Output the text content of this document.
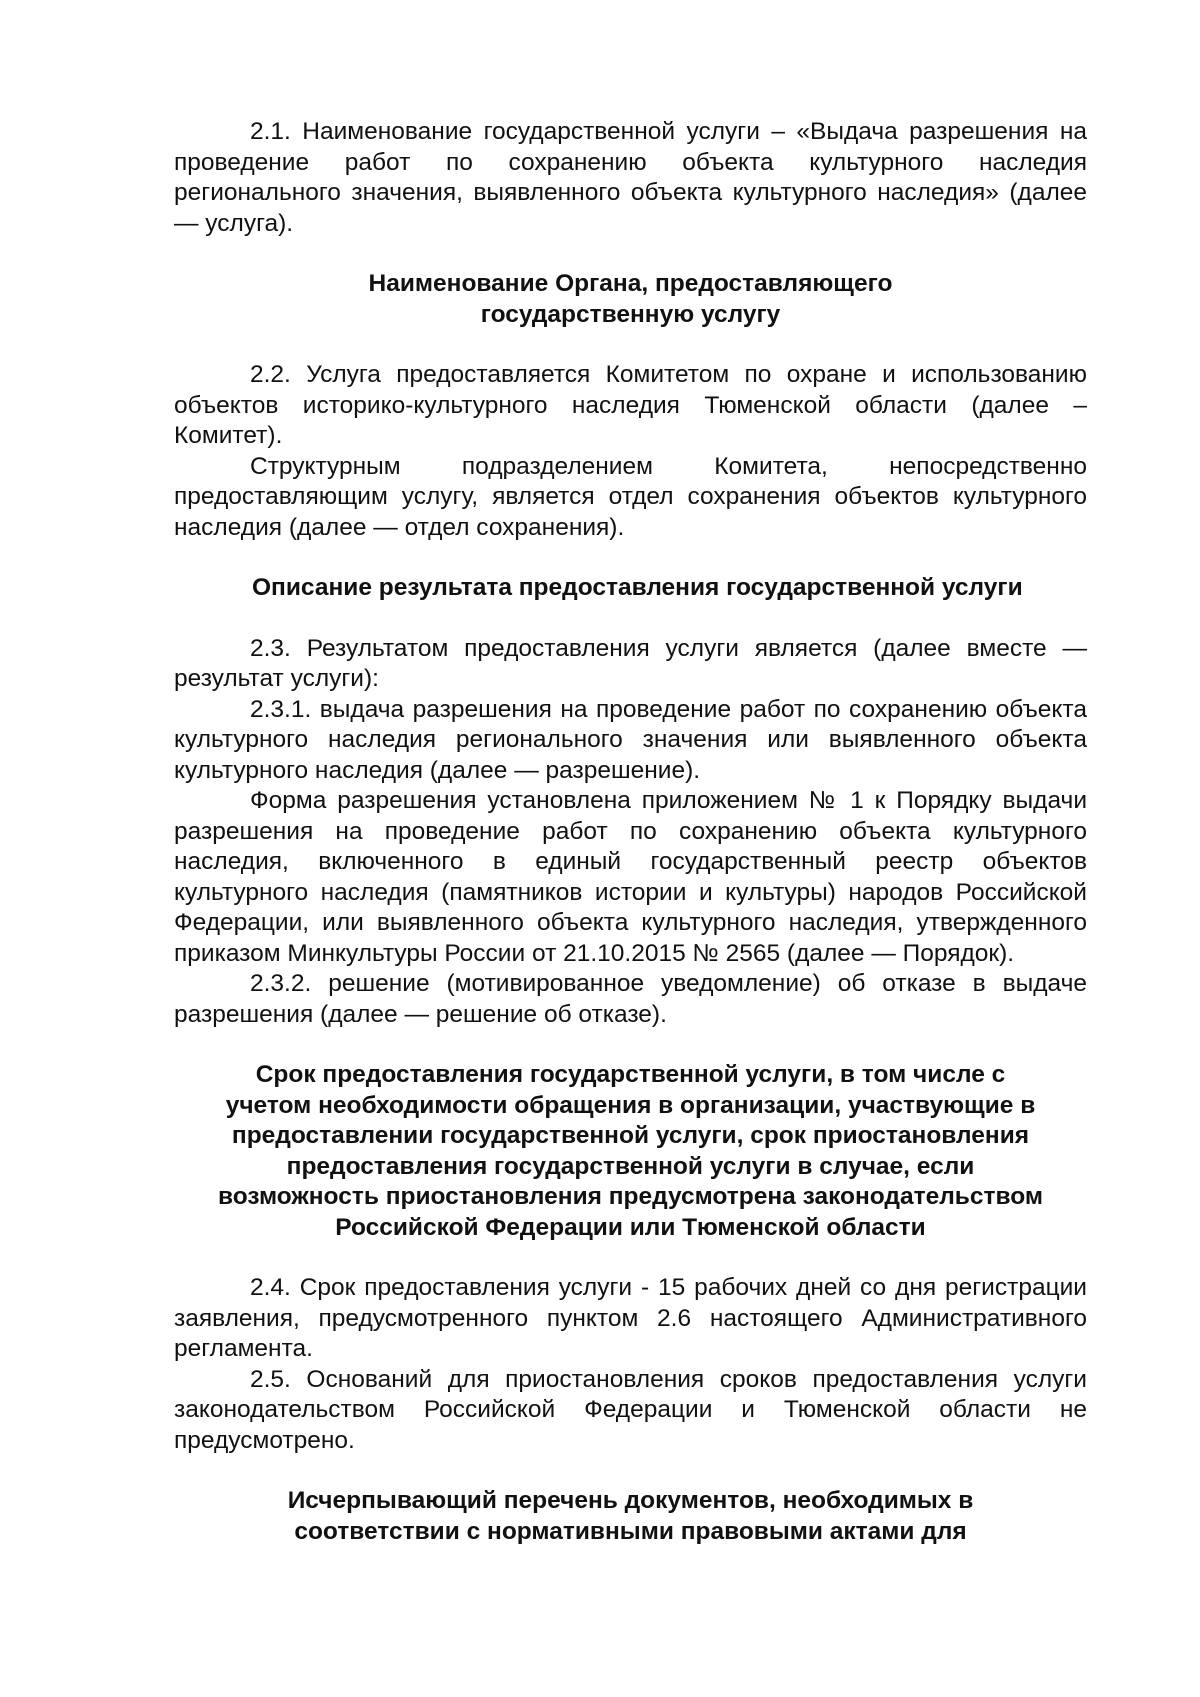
2.1. Наименование государственной услуги – «Выдача разрешения на проведение работ по сохранению объекта культурного наследия регионального значения, выявленного объекта культурного наследия» (далее — услуга).

Наименование Органа, предоставляющего
государственную услугу

2.2. Услуга предоставляется Комитетом по охране и использованию объектов историко-культурного наследия Тюменской области (далее – Комитет).

Структурным подразделением Комитета, непосредственно предоставляющим услугу, является отдел сохранения объектов культурного наследия (далее — отдел сохранения).

Описание результата предоставления государственной услуги

2.3. Результатом предоставления услуги является (далее вместе — результат услуги):

2.3.1. выдача разрешения на проведение работ по сохранению объекта культурного наследия регионального значения или выявленного объекта культурного наследия (далее — разрешение).

Форма разрешения установлена приложением № 1 к Порядку выдачи разрешения на проведение работ по сохранению объекта культурного наследия, включенного в единый государственный реестр объектов культурного наследия (памятников истории и культуры) народов Российской Федерации, или выявленного объекта культурного наследия, утвержденного приказом Минкультуры России от 21.10.2015 № 2565 (далее — Порядок).

2.3.2. решение (мотивированное уведомление) об отказе в выдаче разрешения (далее — решение об отказе).

Срок предоставления государственной услуги, в том числе с
учетом необходимости обращения в организации, участвующие в
предоставлении государственной услуги, срок приостановления
предоставления государственной услуги в случае, если
возможность приостановления предусмотрена законодательством
Российской Федерации или Тюменской области

2.4. Срок предоставления услуги - 15 рабочих дней со дня регистрации заявления, предусмотренного пунктом 2.6 настоящего Административного регламента.

2.5. Оснований для приостановления сроков предоставления услуги законодательством Российской Федерации и Тюменской области не предусмотрено.

Исчерпывающий перечень документов, необходимых в
соответствии с нормативными правовыми актами для
